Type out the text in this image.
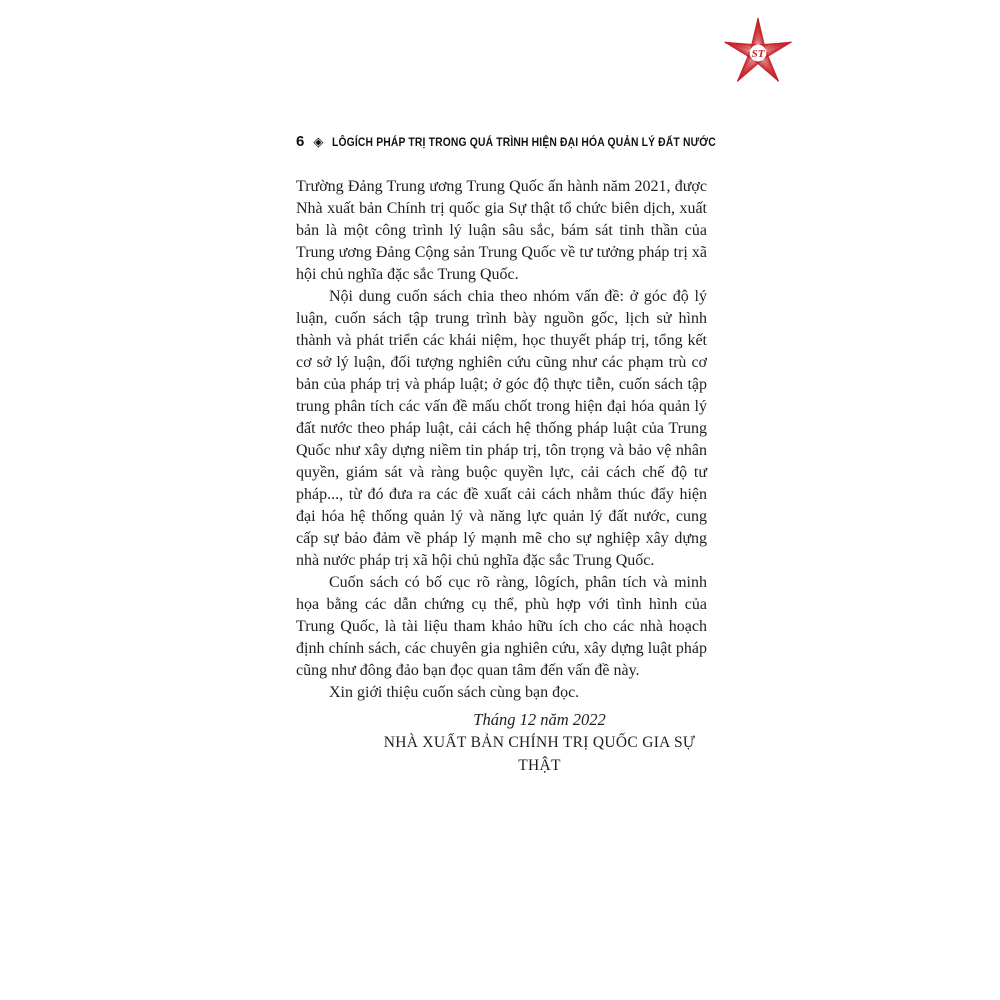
ST
6 ◈ LÔGÍCH PHÁP TRỊ TRONG QUÁ TRÌNH HIỆN ĐẠI HÓA QUẢN LÝ ĐẤT NƯỚC

Trường Đảng Trung ương Trung Quốc ấn hành năm 2021, được Nhà xuất bản Chính trị quốc gia Sự thật tổ chức biên dịch, xuất bản là một công trình lý luận sâu sắc, bám sát tinh thần của Trung ương Đảng Cộng sản Trung Quốc về tư tưởng pháp trị xã hội chủ nghĩa đặc sắc Trung Quốc.

Nội dung cuốn sách chia theo nhóm vấn đề: ở góc độ lý luận, cuốn sách tập trung trình bày nguồn gốc, lịch sử hình thành và phát triển các khái niệm, học thuyết pháp trị, tổng kết cơ sở lý luận, đối tượng nghiên cứu cũng như các phạm trù cơ bản của pháp trị và pháp luật; ở góc độ thực tiễn, cuốn sách tập trung phân tích các vấn đề mấu chốt trong hiện đại hóa quản lý đất nước theo pháp luật, cải cách hệ thống pháp luật của Trung Quốc như xây dựng niềm tin pháp trị, tôn trọng và bảo vệ nhân quyền, giám sát và ràng buộc quyền lực, cải cách chế độ tư pháp..., từ đó đưa ra các đề xuất cải cách nhằm thúc đẩy hiện đại hóa hệ thống quản lý và năng lực quản lý đất nước, cung cấp sự bảo đảm về pháp lý mạnh mẽ cho sự nghiệp xây dựng nhà nước pháp trị xã hội chủ nghĩa đặc sắc Trung Quốc.

Cuốn sách có bố cục rõ ràng, lôgích, phân tích và minh họa bằng các dẫn chứng cụ thể, phù hợp với tình hình của Trung Quốc, là tài liệu tham khảo hữu ích cho các nhà hoạch định chính sách, các chuyên gia nghiên cứu, xây dựng luật pháp cũng như đông đảo bạn đọc quan tâm đến vấn đề này.

Xin giới thiệu cuốn sách cùng bạn đọc.

Tháng 12 năm 2022
NHÀ XUẤT BẢN CHÍNH TRỊ QUỐC GIA SỰ THẬT
